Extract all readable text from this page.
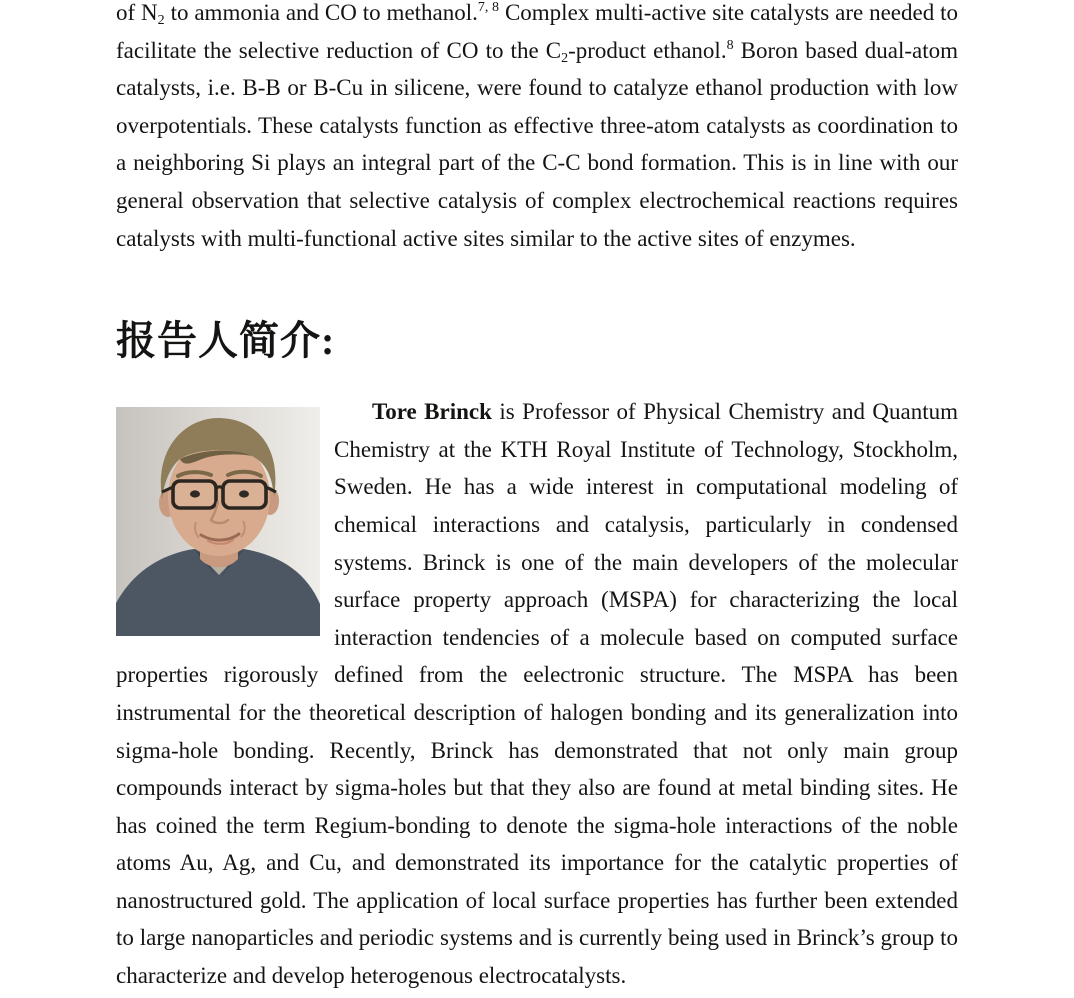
of $N_2$ to ammonia and CO to methanol.$^{7, 8}$ Complex multi-active site catalysts are needed to facilitate the selective reduction of CO to the $C_2$-product ethanol.$^8$ Boron based dual-atom catalysts, i.e. B-B or B-Cu in silicene, were found to catalyze ethanol production with low overpotentials. These catalysts function as effective three-atom catalysts as coordination to a neighboring Si plays an integral part of the C-C bond formation. This is in line with our general observation that selective catalysis of complex electrochemical reactions requires catalysts with multi-functional active sites similar to the active sites of enzymes.

报告人简介:

Tore Brinck is Professor of Physical Chemistry and Quantum Chemistry at the KTH Royal Institute of Technology, Stockholm, Sweden. He has a wide interest in computational modeling of chemical interactions and catalysis, particularly in condensed systems. Brinck is one of the main developers of the molecular surface property approach (MSPA) for characterizing the local interaction tendencies of a molecule based on computed surface properties rigorously defined from the eelectronic structure. The MSPA has been instrumental for the theoretical description of halogen bonding and its generalization into sigma-hole bonding. Recently, Brinck has demonstrated that not only main group compounds interact by sigma-holes but that they also are found at metal binding sites. He has coined the term Regium-bonding to denote the sigma-hole interactions of the noble atoms Au, Ag, and Cu, and demonstrated its importance for the catalytic properties of nanostructured gold. The application of local surface properties has further been extended to large nanoparticles and periodic systems and is currently being used in Brinck’s group to characterize and develop heterogenous electrocatalysts.
